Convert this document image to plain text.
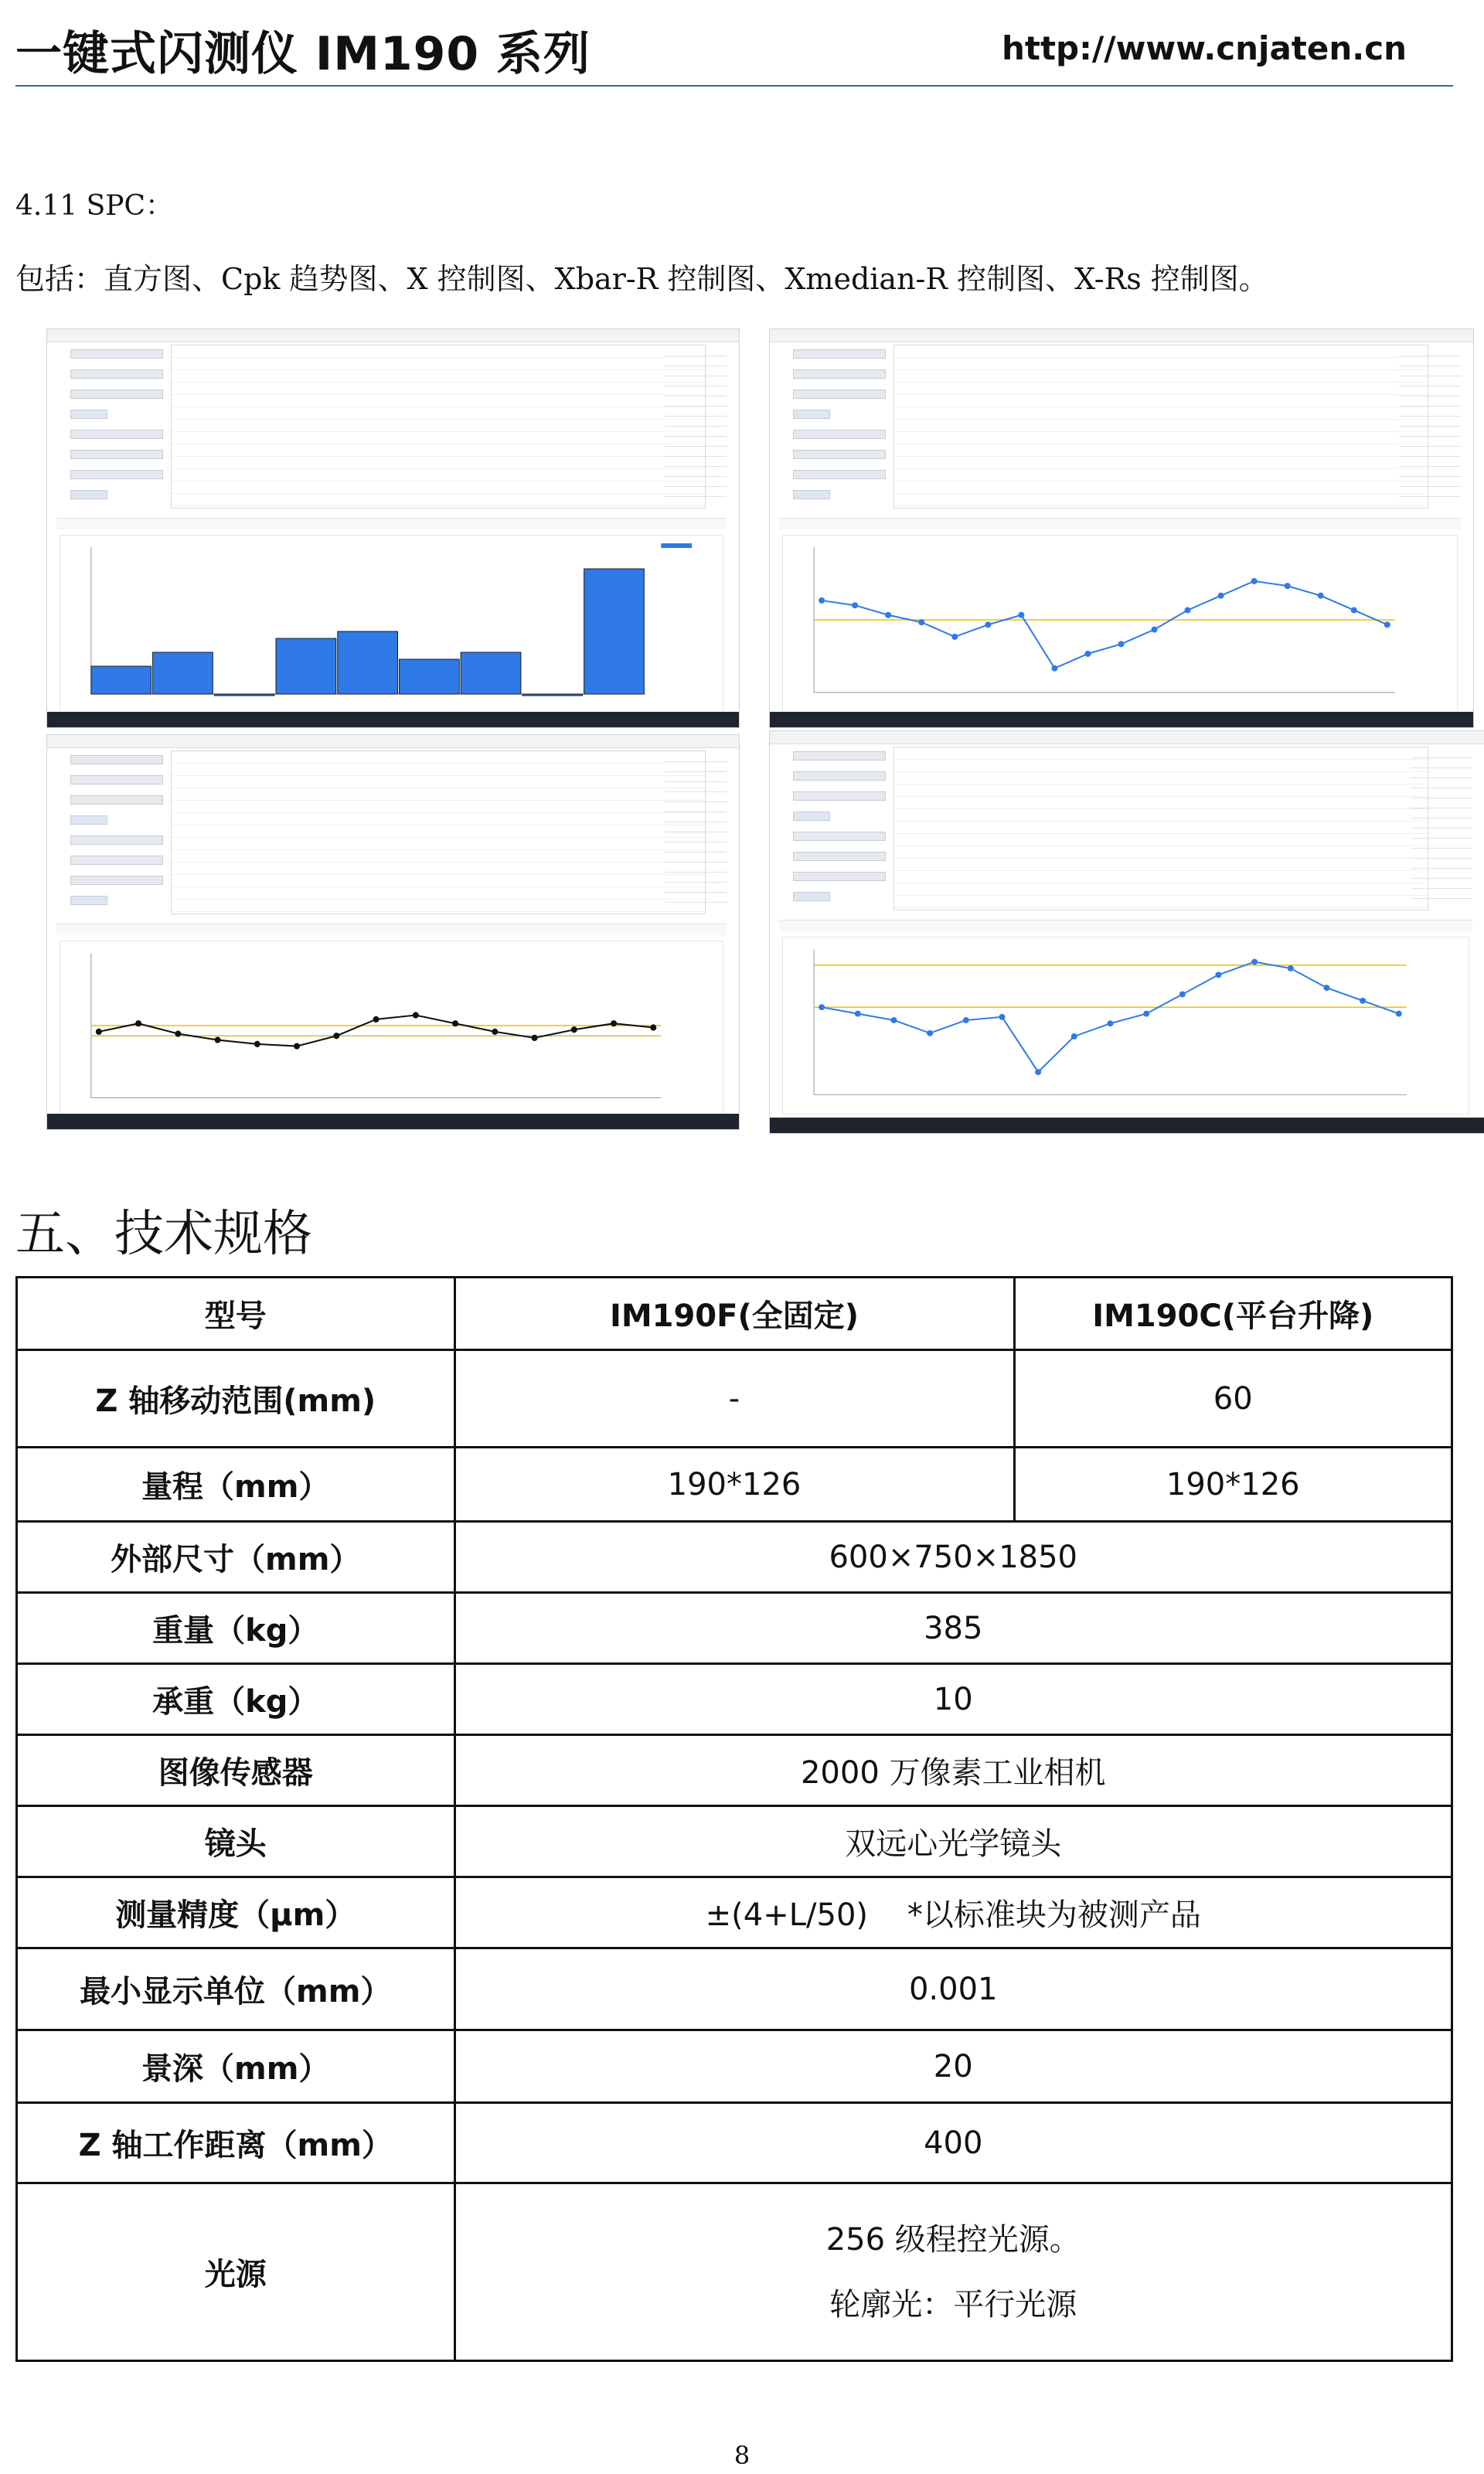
一键式闪测仪 IM190 系列	http://www.cnjaten.cn
4.11 SPC：
包括：直方图、Cpk 趋势图、X 控制图、Xbar-R 控制图、Xmedian-R 控制图、X-Rs 控制图。
五、技术规格
型号	IM190F(全固定)	IM190C(平台升降)
Z 轴移动范围(mm)	-	60
量程（mm）	190*126	190*126
外部尺寸（mm）	600×750×1850	
重量（kg）	385	
承重（kg）	10	
图像传感器	2000 万像素工业相机	
镜头	双远心光学镜头	
测量精度（μm）	±(4+L/50)    *以标准块为被测产品	
最小显示单位（mm）	0.001	
景深（mm）	20	
Z 轴工作距离（mm）	400	
光源	256 级程控光源。
轮廓光：平行光源	
8
